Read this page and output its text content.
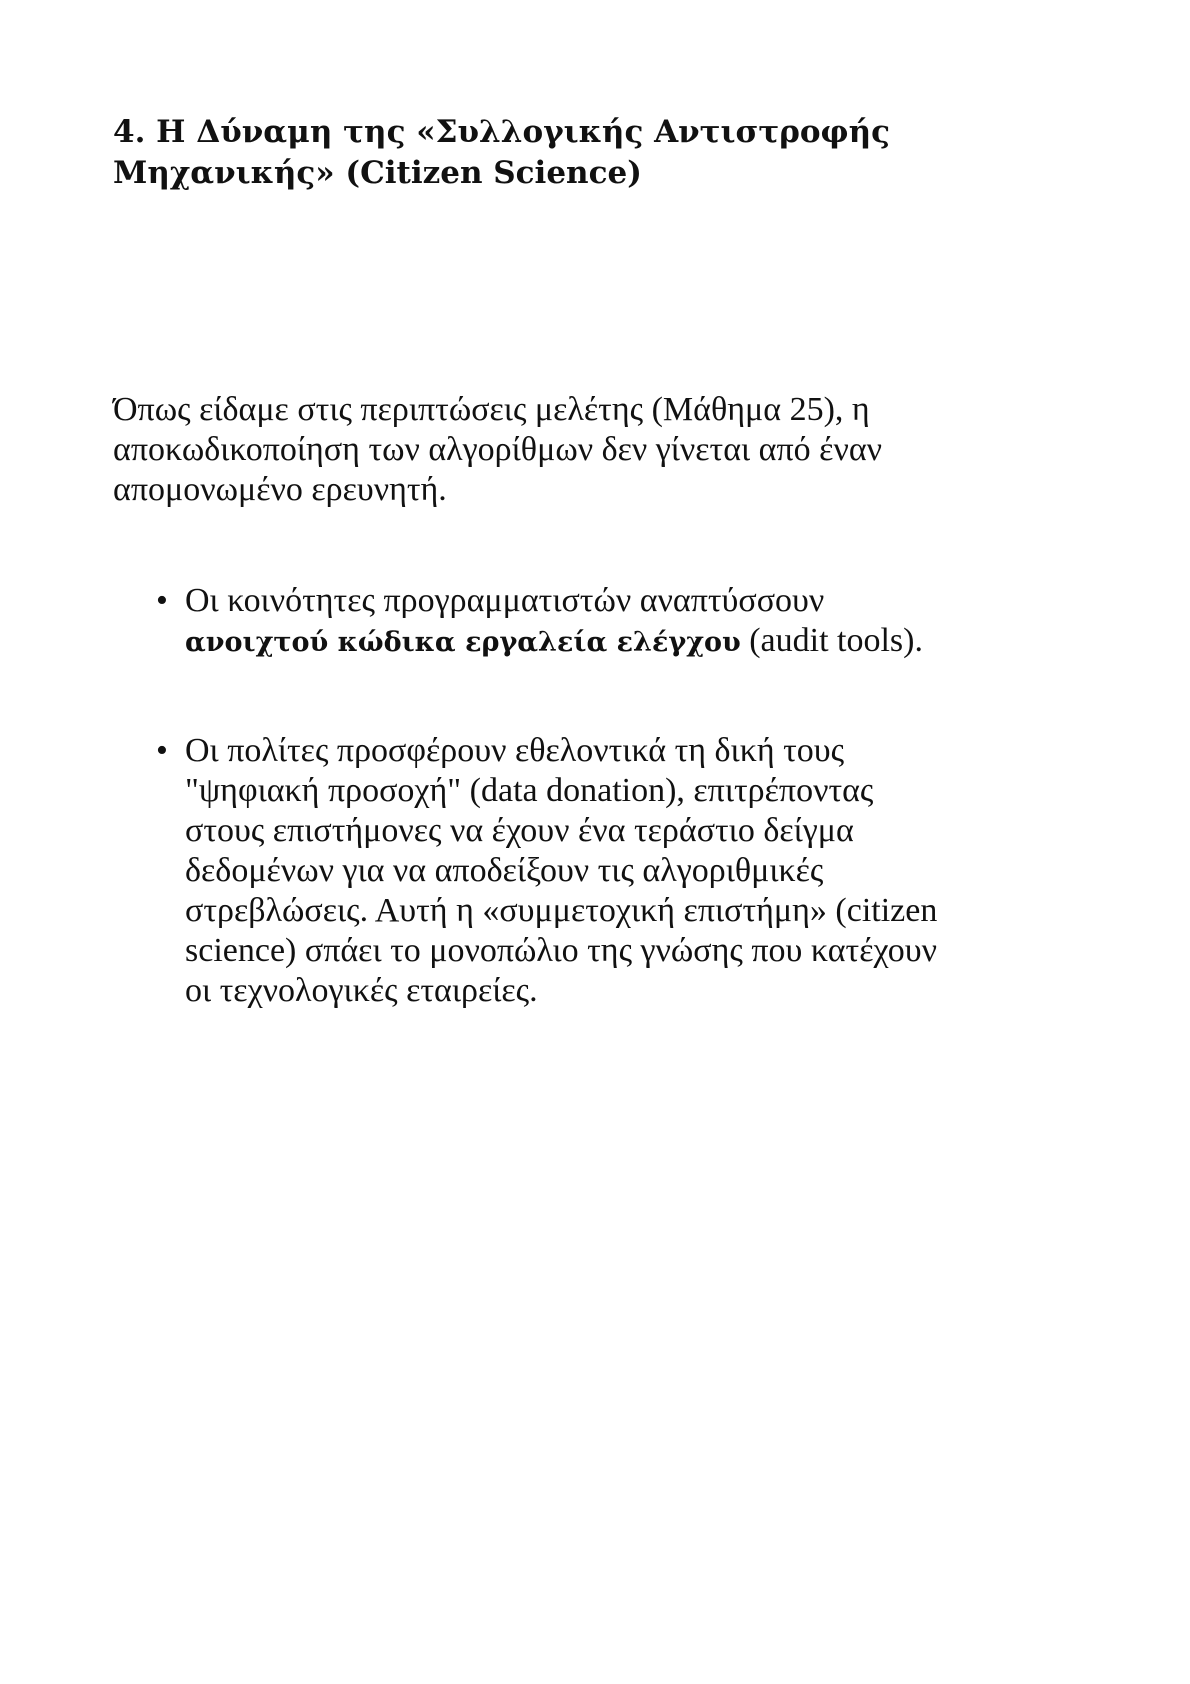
4. Η Δύναμη της «Συλλογικής Αντιστροφής
Μηχανικής» (Citizen Science)

Όπως είδαμε στις περιπτώσεις μελέτης (Μάθημα 25), η
αποκωδικοποίηση των αλγορίθμων δεν γίνεται από έναν
απομονωμένο ερευνητή.

• Οι κοινότητες προγραμματιστών αναπτύσσουν
ανοιχτού κώδικα εργαλεία ελέγχου (audit tools).
• Οι πολίτες προσφέρουν εθελοντικά τη δική τους
"ψηφιακή προσοχή" (data donation), επιτρέποντας
στους επιστήμονες να έχουν ένα τεράστιο δείγμα
δεδομένων για να αποδείξουν τις αλγοριθμικές
στρεβλώσεις. Αυτή η «συμμετοχική επιστήμη» (citizen
science) σπάει το μονοπώλιο της γνώσης που κατέχουν
οι τεχνολογικές εταιρείες.
